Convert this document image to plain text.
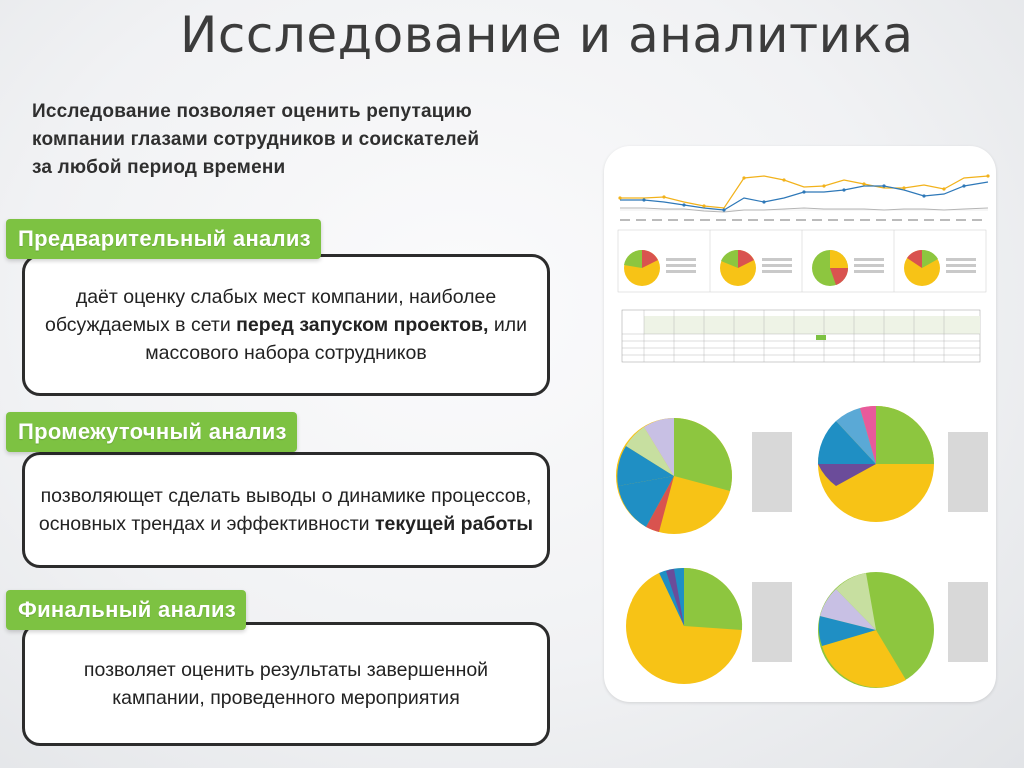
Исследование и аналитика
Исследование позволяет оценить репутацию
компании глазами сотрудников и соискателей
за любой период времени
даёт оценку слабых мест компании, наиболее обсуждаемых в сети перед запуском проектов, или массового набора сотрудников
Предварительный анализ
позволяющет сделать выводы о динамике процессов, основных трендах и эффективности текущей работы
Промежуточный анализ
позволяет оценить результаты завершенной кампании, проведенного мероприятия
Финальный анализ
